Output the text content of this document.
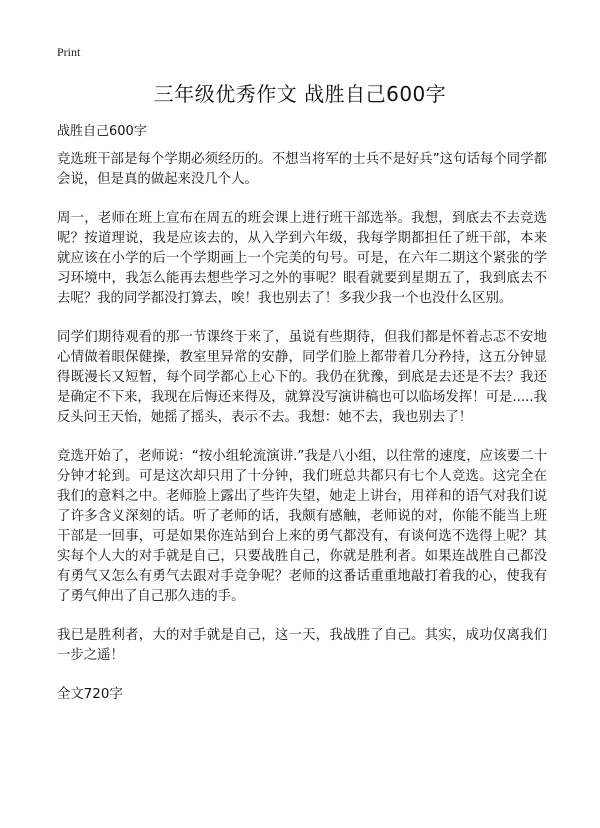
Print
三年级优秀作文 战胜自己600字
战胜自己600字

竞选班干部是每个学期必须经历的。不想当将军的士兵不是好兵”这句话每个同学都会说，但是真的做起来没几个人。

周一，老师在班上宣布在周五的班会课上进行班干部选举。我想，到底去不去竞选呢？按道理说，我是应该去的，从入学到六年级，我每学期都担任了班干部，本来就应该在小学的后一个学期画上一个完美的句号。可是，在六年二期这个紧张的学习环境中，我怎么能再去想些学习之外的事呢？眼看就要到星期五了，我到底去不去呢？我的同学都没打算去，唉！我也别去了！多我少我一个也没什么区别。

同学们期待观看的那一节课终于来了，虽说有些期待，但我们都是怀着忐忑不安地心情做着眼保健操，教室里异常的安静，同学们脸上都带着几分矜持，这五分钟显得既漫长又短暂，每个同学都心上心下的。我仍在犹豫，到底是去还是不去？我还是确定不下来，我现在后悔还来得及，就算没写演讲稿也可以临场发挥！可是.....我反头问王天怡，她摇了摇头，表示不去。我想：她不去，我也别去了！

竞选开始了，老师说：“按小组轮流演讲.”我是八小组，以往常的速度，应该要二十分钟才轮到。可是这次却只用了十分钟，我们班总共都只有七个人竞选。这完全在我们的意料之中。老师脸上露出了些许失望，她走上讲台，用祥和的语气对我们说了许多含义深刻的话。听了老师的话，我颇有感触，老师说的对，你能不能当上班干部是一回事，可是如果你连站到台上来的勇气都没有，有谈何选不选得上呢？其实每个人大的对手就是自己，只要战胜自己，你就是胜利者。如果连战胜自己都没有勇气又怎么有勇气去跟对手竞争呢？老师的这番话重重地敲打着我的心，使我有了勇气伸出了自己那久违的手。

我已是胜利者，大的对手就是自己，这一天，我战胜了自己。其实，成功仅离我们一步之遥！

全文720字
